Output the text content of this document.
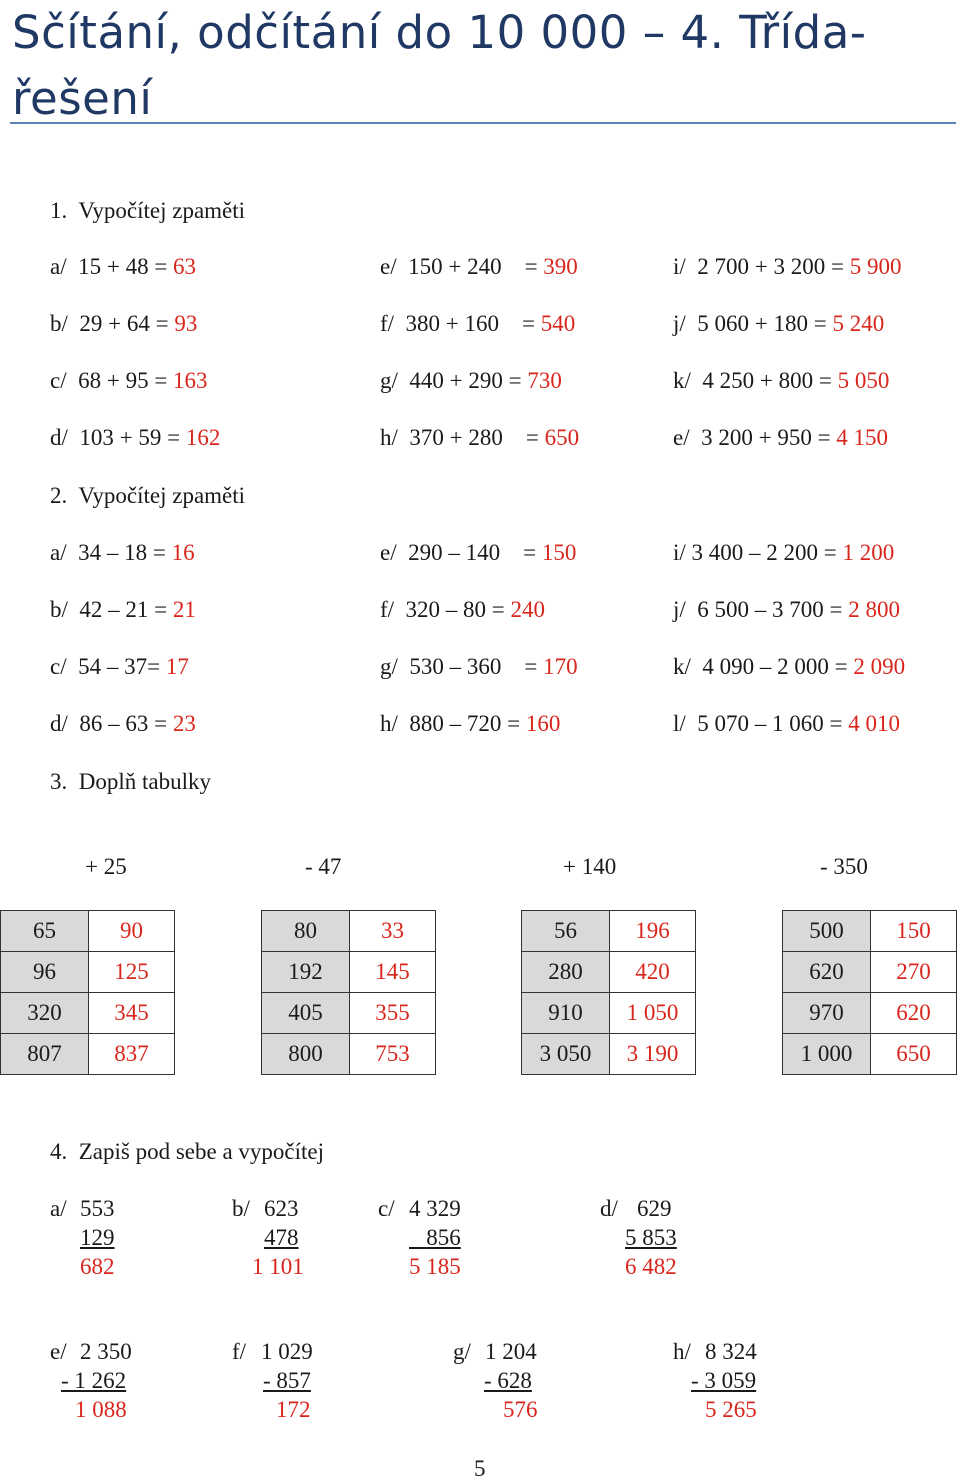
Sčítání, odčítání do 10 000 – 4. Třída-
řešení
1.  Vypočítej zpaměti
a/  15 + 48 = 63
b/  29 + 64 = 93
c/  68 + 95 = 163
d/  103 + 59 = 162
e/  150 + 240    = 390
f/  380 + 160    = 540
g/  440 + 290 = 730
h/  370 + 280    = 650
i/  2 700 + 3 200 = 5 900
j/  5 060 + 180 = 5 240
k/  4 250 + 800 = 5 050
e/  3 200 + 950 = 4 150
2.  Vypočítej zpaměti
a/  34 – 18 = 16
b/  42 – 21 = 21
c/  54 – 37= 17
d/  86 – 63 = 23
e/  290 – 140    = 150
f/  320 – 80 = 240
g/  530 – 360    = 170
h/  880 – 720 = 160
i/ 3 400 – 2 200 = 1 200
j/  6 500 – 3 700 = 2 800
k/  4 090 – 2 000 = 2 090
l/  5 070 – 1 060 = 4 010
3.  Doplň tabulky
+ 25	- 47	+ 140	- 350
65	90
96	125
320	345
807	837
80	33
192	145
405	355
800	753
56	196
280	420
910	1 050
3 050	3 190
500	150
620	270
970	620
1 000	650
4.  Zapiš pod sebe a vypočítej
a/ 553
129
682
b/ 623
478
1 101
c/ 4 329
856
5 185
d/ 629
5 853
6 482
e/ 2 350
- 1 262
1 088
f/ 1 029
- 857
172
g/ 1 204
- 628
576
h/ 8 324
- 3 059
5 265
5
